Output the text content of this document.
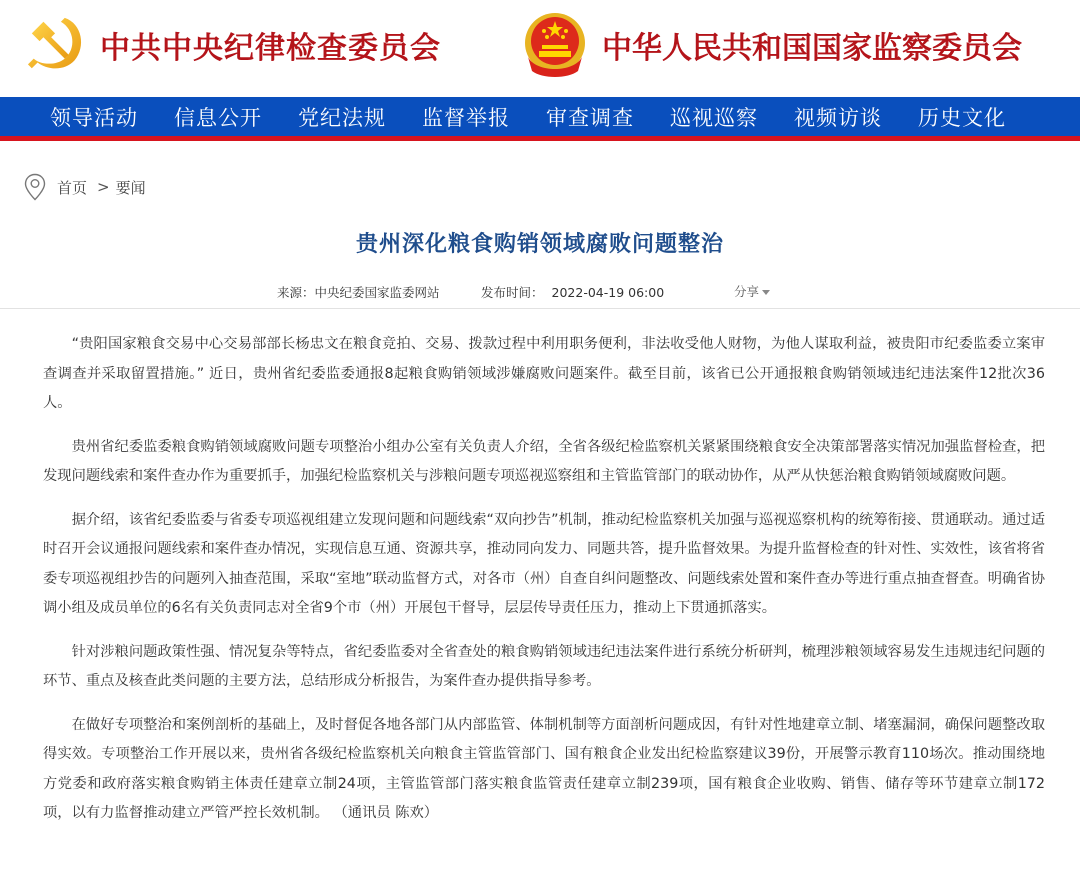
中共中央纪律检查委员会	中华人民共和国国家监察委员会
领导活动 信息公开 党纪法规 监督举报 审查调查 巡视巡察 视频访谈 历史文化
首页 > 要闻
贵州深化粮食购销领域腐败问题整治
来源：中央纪委国家监委网站	发布时间： 2022-04-19 06:00	分享

“贵阳国家粮食交易中心交易部部长杨忠文在粮食竞拍、交易、拨款过程中利用职务便利，非法收受他人财物，为他人谋取利益，被贵阳市纪委监委立案审查调查并采取留置措施。” 近日，贵州省纪委监委通报8起粮食购销领域涉嫌腐败问题案件。截至目前，该省已公开通报粮食购销领域违纪违法案件12批次36人。

贵州省纪委监委粮食购销领域腐败问题专项整治小组办公室有关负责人介绍，全省各级纪检监察机关紧紧围绕粮食安全决策部署落实情况加强监督检查，把发现问题线索和案件查办作为重要抓手，加强纪检监察机关与涉粮问题专项巡视巡察组和主管监管部门的联动协作，从严从快惩治粮食购销领域腐败问题。

据介绍，该省纪委监委与省委专项巡视组建立发现问题和问题线索“双向抄告”机制，推动纪检监察机关加强与巡视巡察机构的统筹衔接、贯通联动。通过适时召开会议通报问题线索和案件查办情况，实现信息互通、资源共享，推动同向发力、同题共答，提升监督效果。为提升监督检查的针对性、实效性，该省将省委专项巡视组抄告的问题列入抽查范围，采取“室地”联动监督方式，对各市（州）自查自纠问题整改、问题线索处置和案件查办等进行重点抽查督查。明确省协调小组及成员单位的6名有关负责同志对全省9个市（州）开展包干督导，层层传导责任压力，推动上下贯通抓落实。

针对涉粮问题政策性强、情况复杂等特点，省纪委监委对全省查处的粮食购销领域违纪违法案件进行系统分析研判，梳理涉粮领域容易发生违规违纪问题的环节、重点及核查此类问题的主要方法，总结形成分析报告，为案件查办提供指导参考。

在做好专项整治和案例剖析的基础上，及时督促各地各部门从内部监管、体制机制等方面剖析问题成因，有针对性地建章立制、堵塞漏洞，确保问题整改取得实效。专项整治工作开展以来，贵州省各级纪检监察机关向粮食主管监管部门、国有粮食企业发出纪检监察建议39份，开展警示教育110场次。推动围绕地方党委和政府落实粮食购销主体责任建章立制24项，主管监管部门落实粮食监管责任建章立制239项，国有粮食企业收购、销售、储存等环节建章立制172项，以有力监督推动建立严管严控长效机制。 （通讯员 陈欢）
